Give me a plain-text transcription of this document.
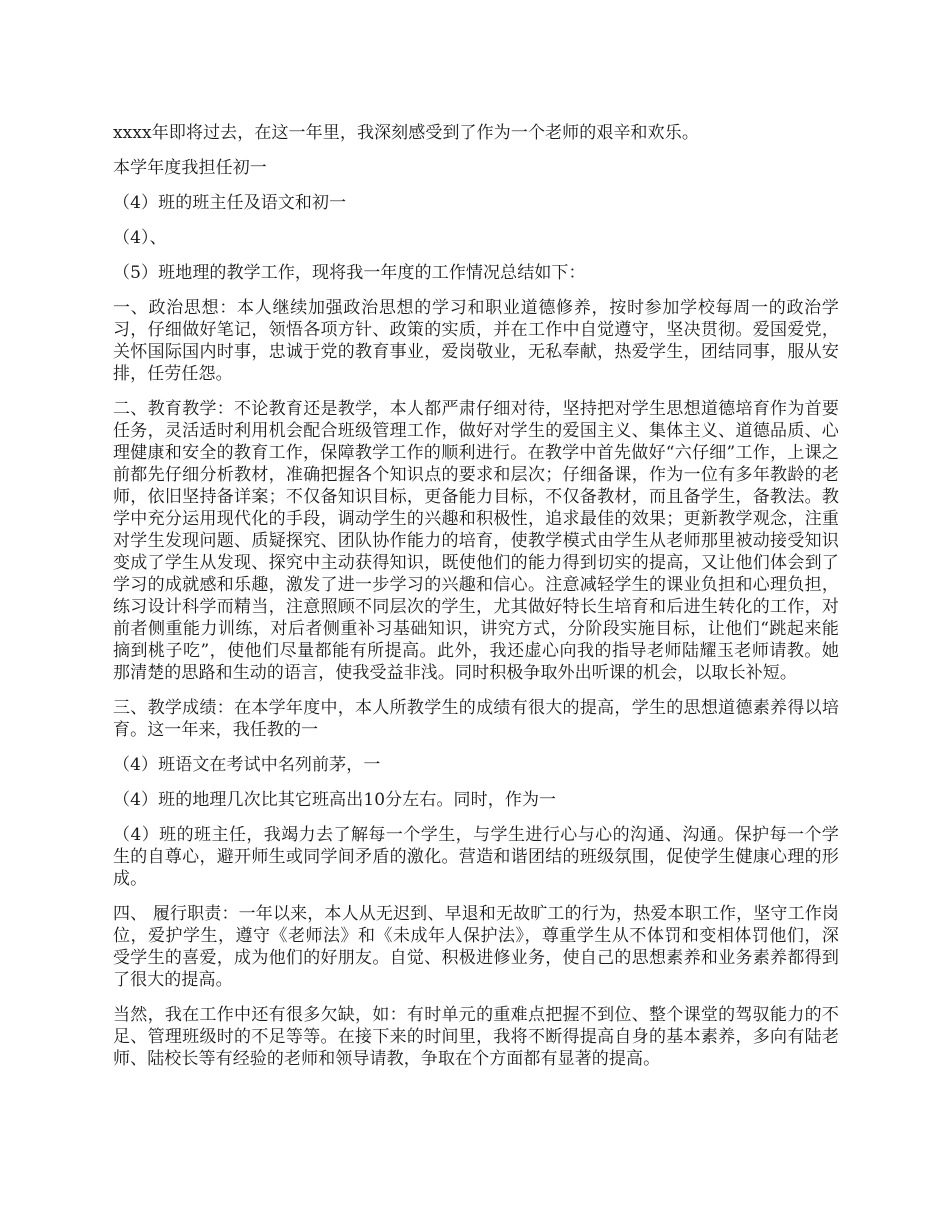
xxxx年即将过去，在这一年里，我深刻感受到了作为一个老师的艰辛和欢乐。

本学年度我担任初一

（4）班的班主任及语文和初一

（4）、

（5）班地理的教学工作，现将我一年度的工作情况总结如下：

一、政治思想：本人继续加强政治思想的学习和职业道德修养，按时参加学校每周一的政治学习，仔细做好笔记，领悟各项方针、政策的实质，并在工作中自觉遵守，坚决贯彻。爱国爱党，关怀国际国内时事，忠诚于党的教育事业，爱岗敬业，无私奉献，热爱学生，团结同事，服从安排，任劳任怨。

二、教育教学：不论教育还是教学，本人都严肃仔细对待，坚持把对学生思想道德培育作为首要任务，灵活适时利用机会配合班级管理工作，做好对学生的爱国主义、集体主义、道德品质、心理健康和安全的教育工作，保障教学工作的顺利进行。在教学中首先做好“六仔细”工作，上课之前都先仔细分析教材，准确把握各个知识点的要求和层次；仔细备课，作为一位有多年教龄的老师，依旧坚持备详案；不仅备知识目标，更备能力目标，不仅备教材，而且备学生，备教法。教学中充分运用现代化的手段，调动学生的兴趣和积极性，追求最佳的效果；更新教学观念，注重对学生发现问题、质疑探究、团队协作能力的培育，使教学模式由学生从老师那里被动接受知识变成了学生从发现、探究中主动获得知识，既使他们的能力得到切实的提高，又让他们体会到了学习的成就感和乐趣，激发了进一步学习的兴趣和信心。注意减轻学生的课业负担和心理负担，练习设计科学而精当，注意照顾不同层次的学生，尤其做好特长生培育和后进生转化的工作，对前者侧重能力训练，对后者侧重补习基础知识，讲究方式，分阶段实施目标，让他们“跳起来能摘到桃子吃”，使他们尽量都能有所提高。此外，我还虚心向我的指导老师陆耀玉老师请教。她那清楚的思路和生动的语言，使我受益非浅。同时积极争取外出听课的机会，以取长补短。

三、教学成绩：在本学年度中，本人所教学生的成绩有很大的提高，学生的思想道德素养得以培育。这一年来，我任教的一

（4）班语文在考试中名列前茅，一

（4）班的地理几次比其它班高出10分左右。同时，作为一

（4）班的班主任，我竭力去了解每一个学生，与学生进行心与心的沟通、沟通。保护每一个学生的自尊心，避开师生或同学间矛盾的激化。营造和谐团结的班级氛围，促使学生健康心理的形成。

四、 履行职责：一年以来，本人从无迟到、早退和无故旷工的行为，热爱本职工作，坚守工作岗位，爱护学生，遵守《老师法》和《未成年人保护法》，尊重学生从不体罚和变相体罚他们，深受学生的喜爱，成为他们的好朋友。自觉、积极进修业务，使自己的思想素养和业务素养都得到了很大的提高。

当然，我在工作中还有很多欠缺，如：有时单元的重难点把握不到位、整个课堂的驾驭能力的不足、管理班级时的不足等等。在接下来的时间里，我将不断得提高自身的基本素养，多向有陆老师、陆校长等有经验的老师和领导请教，争取在个方面都有显著的提高。
